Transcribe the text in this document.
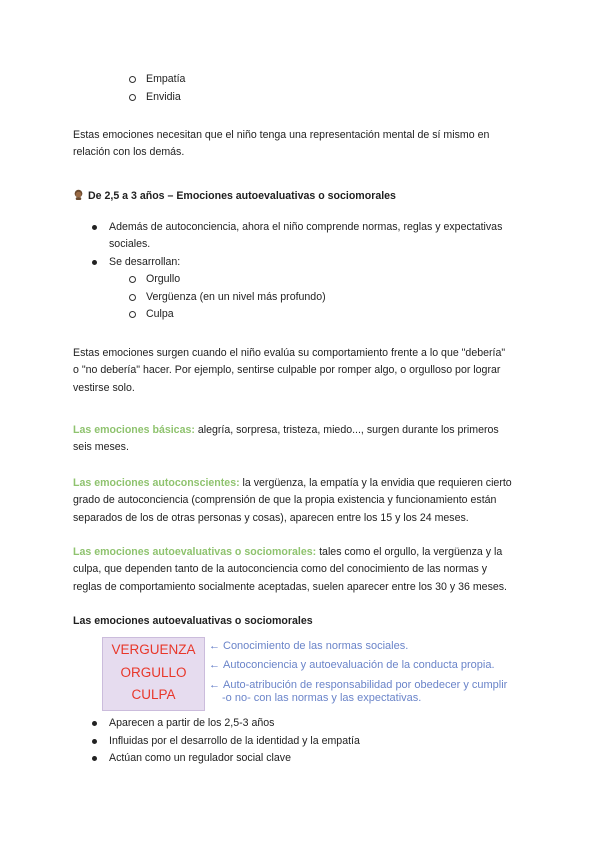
Empatía
Envidia
Estas emociones necesitan que el niño tenga una representación mental de sí mismo en
relación con los demás.
De 2,5 a 3 años – Emociones autoevaluativas o sociomorales
Además de autoconciencia, ahora el niño comprende normas, reglas y expectativas
sociales.
Se desarrollan:
Orgullo
Vergüenza (en un nivel más profundo)
Culpa
Estas emociones surgen cuando el niño evalúa su comportamiento frente a lo que "debería"
o "no debería" hacer. Por ejemplo, sentirse culpable por romper algo, o orgulloso por lograr
vestirse solo.
Las emociones básicas: alegría, sorpresa, tristeza, miedo..., surgen durante los primeros
seis meses.
Las emociones autoconscientes: la vergüenza, la empatía y la envidia que requieren cierto
grado de autoconciencia (comprensión de que la propia existencia y funcionamiento están
separados de los de otras personas y cosas), aparecen entre los 15 y los 24 meses.
Las emociones autoevaluativas o sociomorales: tales como el orgullo, la vergüenza y la
culpa, que dependen tanto de la autoconciencia como del conocimiento de las normas y
reglas de comportamiento socialmente aceptadas, suelen aparecer entre los 30 y 36 meses.
Las emociones autoevaluativas o sociomorales
VERGUENZA
ORGULLO
CULPA
← Conocimiento de las normas sociales.
← Autoconciencia y autoevaluación de la conducta propia.
← Auto-atribución de responsabilidad por obedecer y cumplir
-o no- con las normas y las expectativas.
Aparecen a partir de los 2,5-3 años
Influidas por el desarrollo de la identidad y la empatía
Actúan como un regulador social clave
